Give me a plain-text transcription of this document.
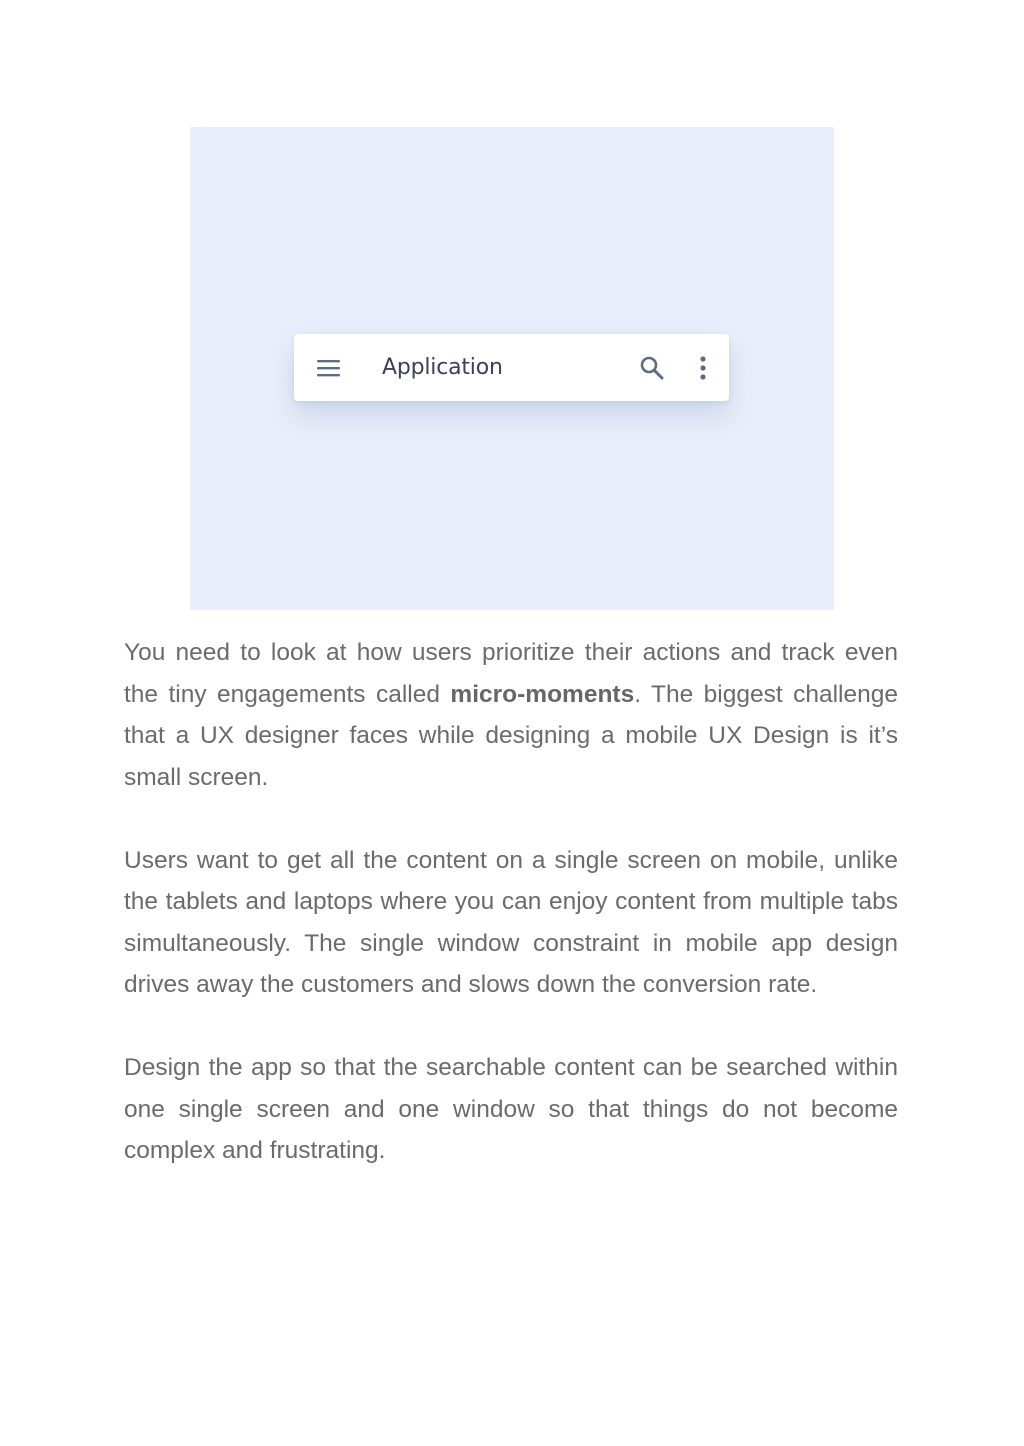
Application

You need to look at how users prioritize their actions and track even the tiny engagements called micro-moments. The biggest challenge that a UX designer faces while designing a mobile UX Design is it’s small screen.

Users want to get all the content on a single screen on mobile, unlike the tablets and laptops where you can enjoy content from multiple tabs simultaneously. The single window constraint in mobile app design drives away the customers and slows down the conversion rate.

Design the app so that the searchable content can be searched within one single screen and one window so that things do not become complex and frustrating.
